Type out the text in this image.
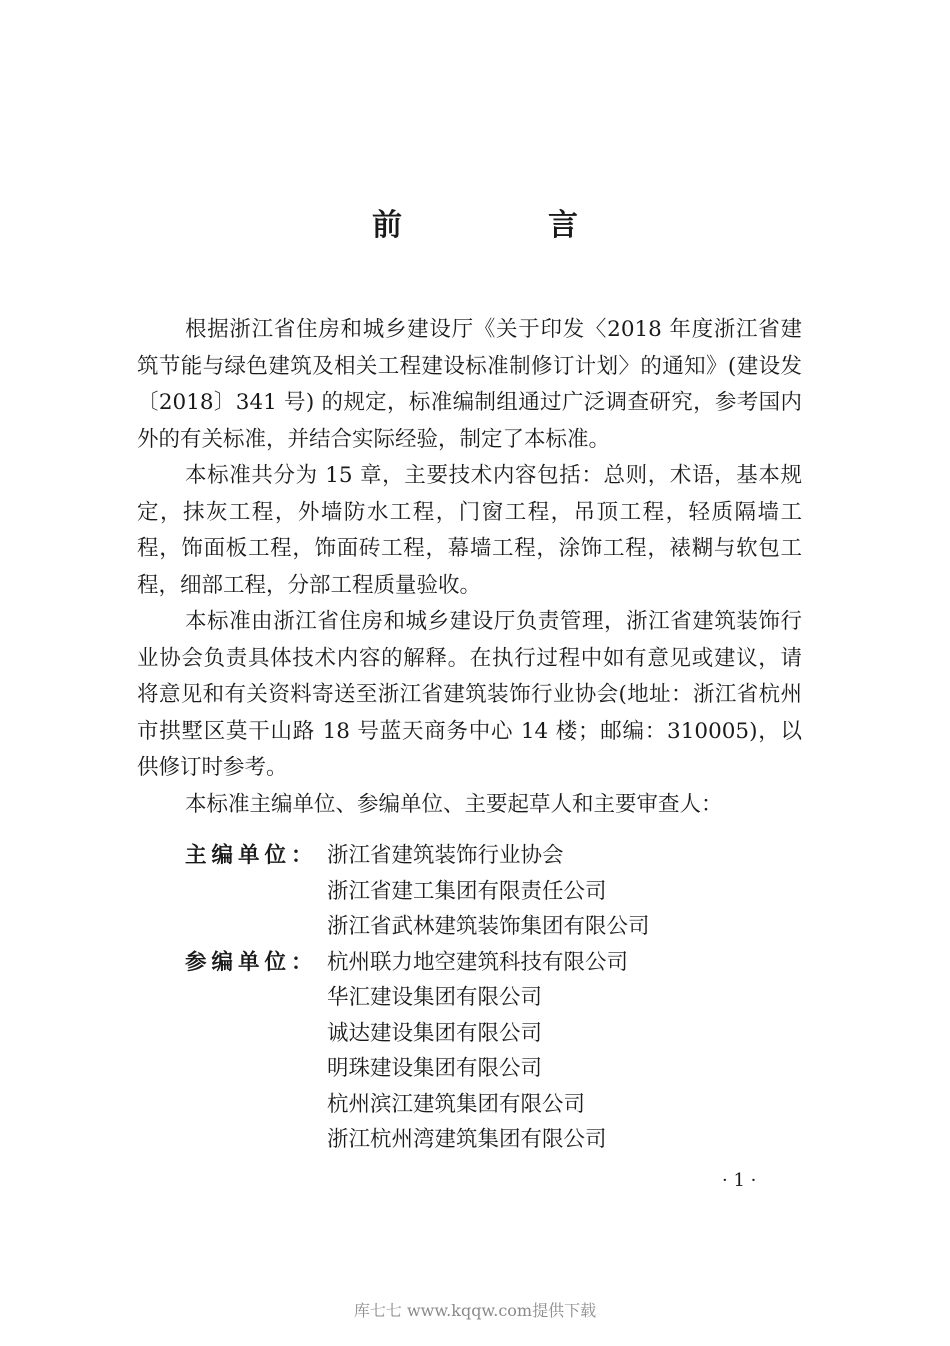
前　言

根据浙江省住房和城乡建设厅《关于印发〈2018 年度浙江省建筑节能与绿色建筑及相关工程建设标准制修订计划〉的通知》(建设发〔2018〕341 号) 的规定，标准编制组通过广泛调查研究，参考国内外的有关标准，并结合实际经验，制定了本标准。

本标准共分为 15 章，主要技术内容包括：总则，术语，基本规定，抹灰工程，外墙防水工程，门窗工程，吊顶工程，轻质隔墙工程，饰面板工程，饰面砖工程，幕墙工程，涂饰工程，裱糊与软包工程，细部工程，分部工程质量验收。

本标准由浙江省住房和城乡建设厅负责管理，浙江省建筑装饰行业协会负责具体技术内容的解释。在执行过程中如有意见或建议，请将意见和有关资料寄送至浙江省建筑装饰行业协会(地址：浙江省杭州市拱墅区莫干山路 18 号蓝天商务中心 14 楼；邮编：310005)，以供修订时参考。

本标准主编单位、参编单位、主要起草人和主要审查人：

主编单位： 浙江省建筑装饰行业协会
浙江省建工集团有限责任公司
浙江省武林建筑装饰集团有限公司
参编单位： 杭州联力地空建筑科技有限公司
华汇建设集团有限公司
诚达建设集团有限公司
明珠建设集团有限公司
杭州滨江建筑集团有限公司
浙江杭州湾建筑集团有限公司
· 1 ·
库七七 www.kqqw.com提供下载
